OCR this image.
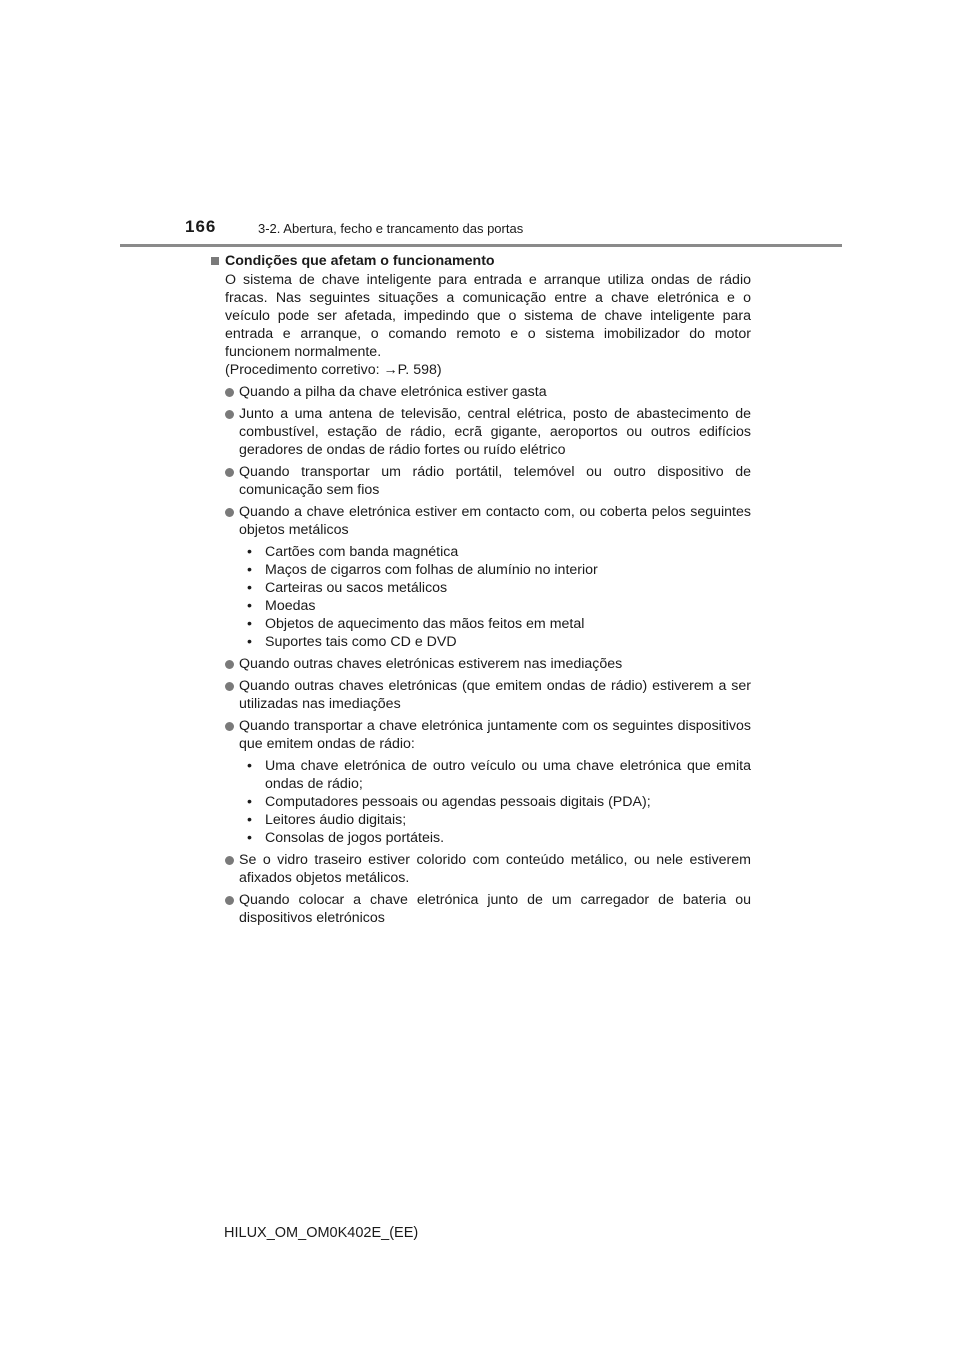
166	3-2. Abertura, fecho e trancamento das portas
Condições que afetam o funcionamento

O sistema de chave inteligente para entrada e arranque utiliza ondas de rádio fracas. Nas seguintes situações a comunicação entre a chave eletrónica e o veículo pode ser afetada, impedindo que o sistema de chave inteligente para entrada e arranque, o comando remoto e o sistema imobilizador do motor funcionem normalmente.

(Procedimento corretivo: →P. 598)

Quando a pilha da chave eletrónica estiver gasta

Junto a uma antena de televisão, central elétrica, posto de abastecimento de combustível, estação de rádio, ecrã gigante, aeroportos ou outros edifícios geradores de ondas de rádio fortes ou ruído elétrico

Quando transportar um rádio portátil, telemóvel ou outro dispositivo de comunicação sem fios

Quando a chave eletrónica estiver em contacto com, ou coberta pelos seguintes objetos metálicos

• Cartões com banda magnética
• Maços de cigarros com folhas de alumínio no interior
• Carteiras ou sacos metálicos
• Moedas
• Objetos de aquecimento das mãos feitos em metal
• Suportes tais como CD e DVD

Quando outras chaves eletrónicas estiverem nas imediações

Quando outras chaves eletrónicas (que emitem ondas de rádio) estiverem a ser utilizadas nas imediações

Quando transportar a chave eletrónica juntamente com os seguintes dispositivos que emitem ondas de rádio:

• Uma chave eletrónica de outro veículo ou uma chave eletrónica que emita ondas de rádio;
• Computadores pessoais ou agendas pessoais digitais (PDA);
• Leitores áudio digitais;
• Consolas de jogos portáteis.

Se o vidro traseiro estiver colorido com conteúdo metálico, ou nele estiverem afixados objetos metálicos.

Quando colocar a chave eletrónica junto de um carregador de bateria ou dispositivos eletrónicos

HILUX_OM_OM0K402E_(EE)
